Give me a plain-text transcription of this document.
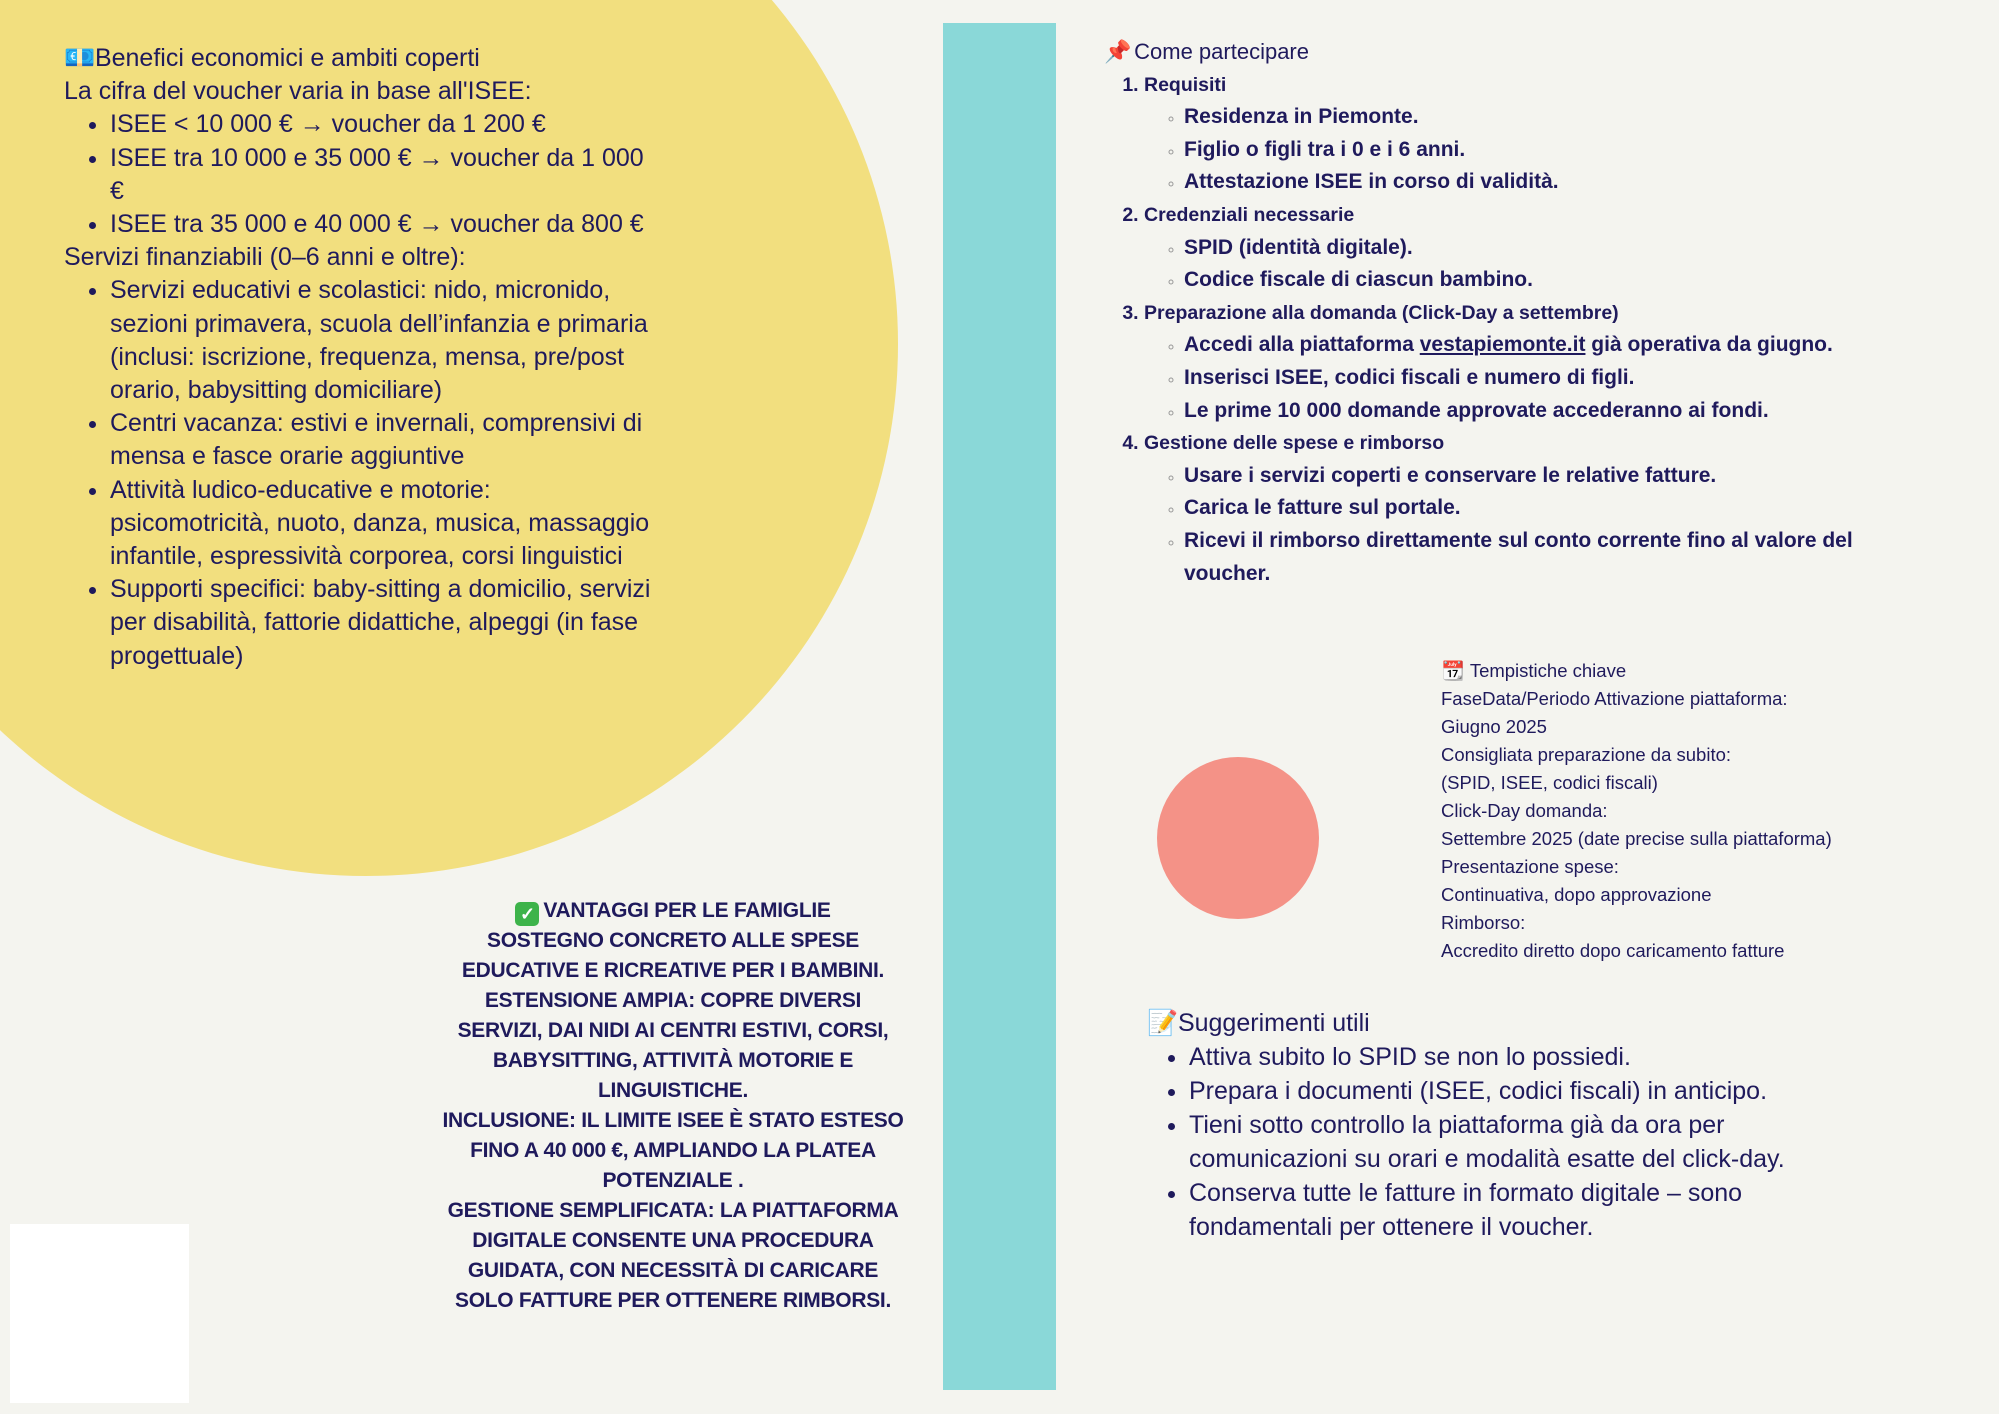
💶 Benefici economici e ambiti coperti
La cifra del voucher varia in base all'ISEE:
• ISEE < 10 000 € → voucher da 1 200 €
• ISEE tra 10 000 e 35 000 € → voucher da 1 000 €
• ISEE tra 35 000 e 40 000 € → voucher da 800 €
Servizi finanziabili (0–6 anni e oltre):
• Servizi educativi e scolastici: nido, micronido, sezioni primavera, scuola dell’infanzia e primaria (inclusi: iscrizione, frequenza, mensa, pre/post orario, babysitting domiciliare)
• Centri vacanza: estivi e invernali, comprensivi di mensa e fasce orarie aggiuntive
• Attività ludico-educative e motorie: psicomotricità, nuoto, danza, musica, massaggio infantile, espressività corporea, corsi linguistici
• Supporti specifici: baby-sitting a domicilio, servizi per disabilità, fattorie didattiche, alpeggi (in fase progettuale)

✓ VANTAGGI PER LE FAMIGLIE

SOSTEGNO CONCRETO ALLE SPESE EDUCATIVE E RICREATIVE PER I BAMBINI.

ESTENSIONE AMPIA: COPRE DIVERSI SERVIZI, DAI NIDI AI CENTRI ESTIVI, CORSI, BABYSITTING, ATTIVITÀ MOTORIE E LINGUISTICHE.

INCLUSIONE: IL LIMITE ISEE È STATO ESTESO FINO A 40 000 €, AMPLIANDO LA PLATEA POTENZIALE .

GESTIONE SEMPLIFICATA: LA PIATTAFORMA DIGITALE CONSENTE UNA PROCEDURA GUIDATA, CON NECESSITÀ DI CARICARE SOLO FATTURE PER OTTENERE RIMBORSI.

📌 Come partecipare
1. Requisiti
◦ Residenza in Piemonte.
◦ Figlio o figli tra i 0 e i 6 anni.
◦ Attestazione ISEE in corso di validità.
2. Credenziali necessarie
◦ SPID (identità digitale).
◦ Codice fiscale di ciascun bambino.
3. Preparazione alla domanda (Click-Day a settembre)
◦ Accedi alla piattaforma vestapiemonte.it già operativa da giugno.
◦ Inserisci ISEE, codici fiscali e numero di figli.
◦ Le prime 10 000 domande approvate accederanno ai fondi.
4. Gestione delle spese e rimborso
◦ Usare i servizi coperti e conservare le relative fatture.
◦ Carica le fatture sul portale.
◦ Ricevi il rimborso direttamente sul conto corrente fino al valore del voucher.
📆 Tempistiche chiave
FaseData/Periodo Attivazione piattaforma:
Giugno 2025
Consigliata preparazione da subito:
(SPID, ISEE, codici fiscali)
Click-Day domanda:
Settembre 2025 (date precise sulla piattaforma)
Presentazione spese:
Continuativa, dopo approvazione
Rimborso:
Accredito diretto dopo caricamento fatture
📝 Suggerimenti utili
• Attiva subito lo SPID se non lo possiedi.
• Prepara i documenti (ISEE, codici fiscali) in anticipo.
• Tieni sotto controllo la piattaforma già da ora per comunicazioni su orari e modalità esatte del click-day.
• Conserva tutte le fatture in formato digitale – sono fondamentali per ottenere il voucher.
